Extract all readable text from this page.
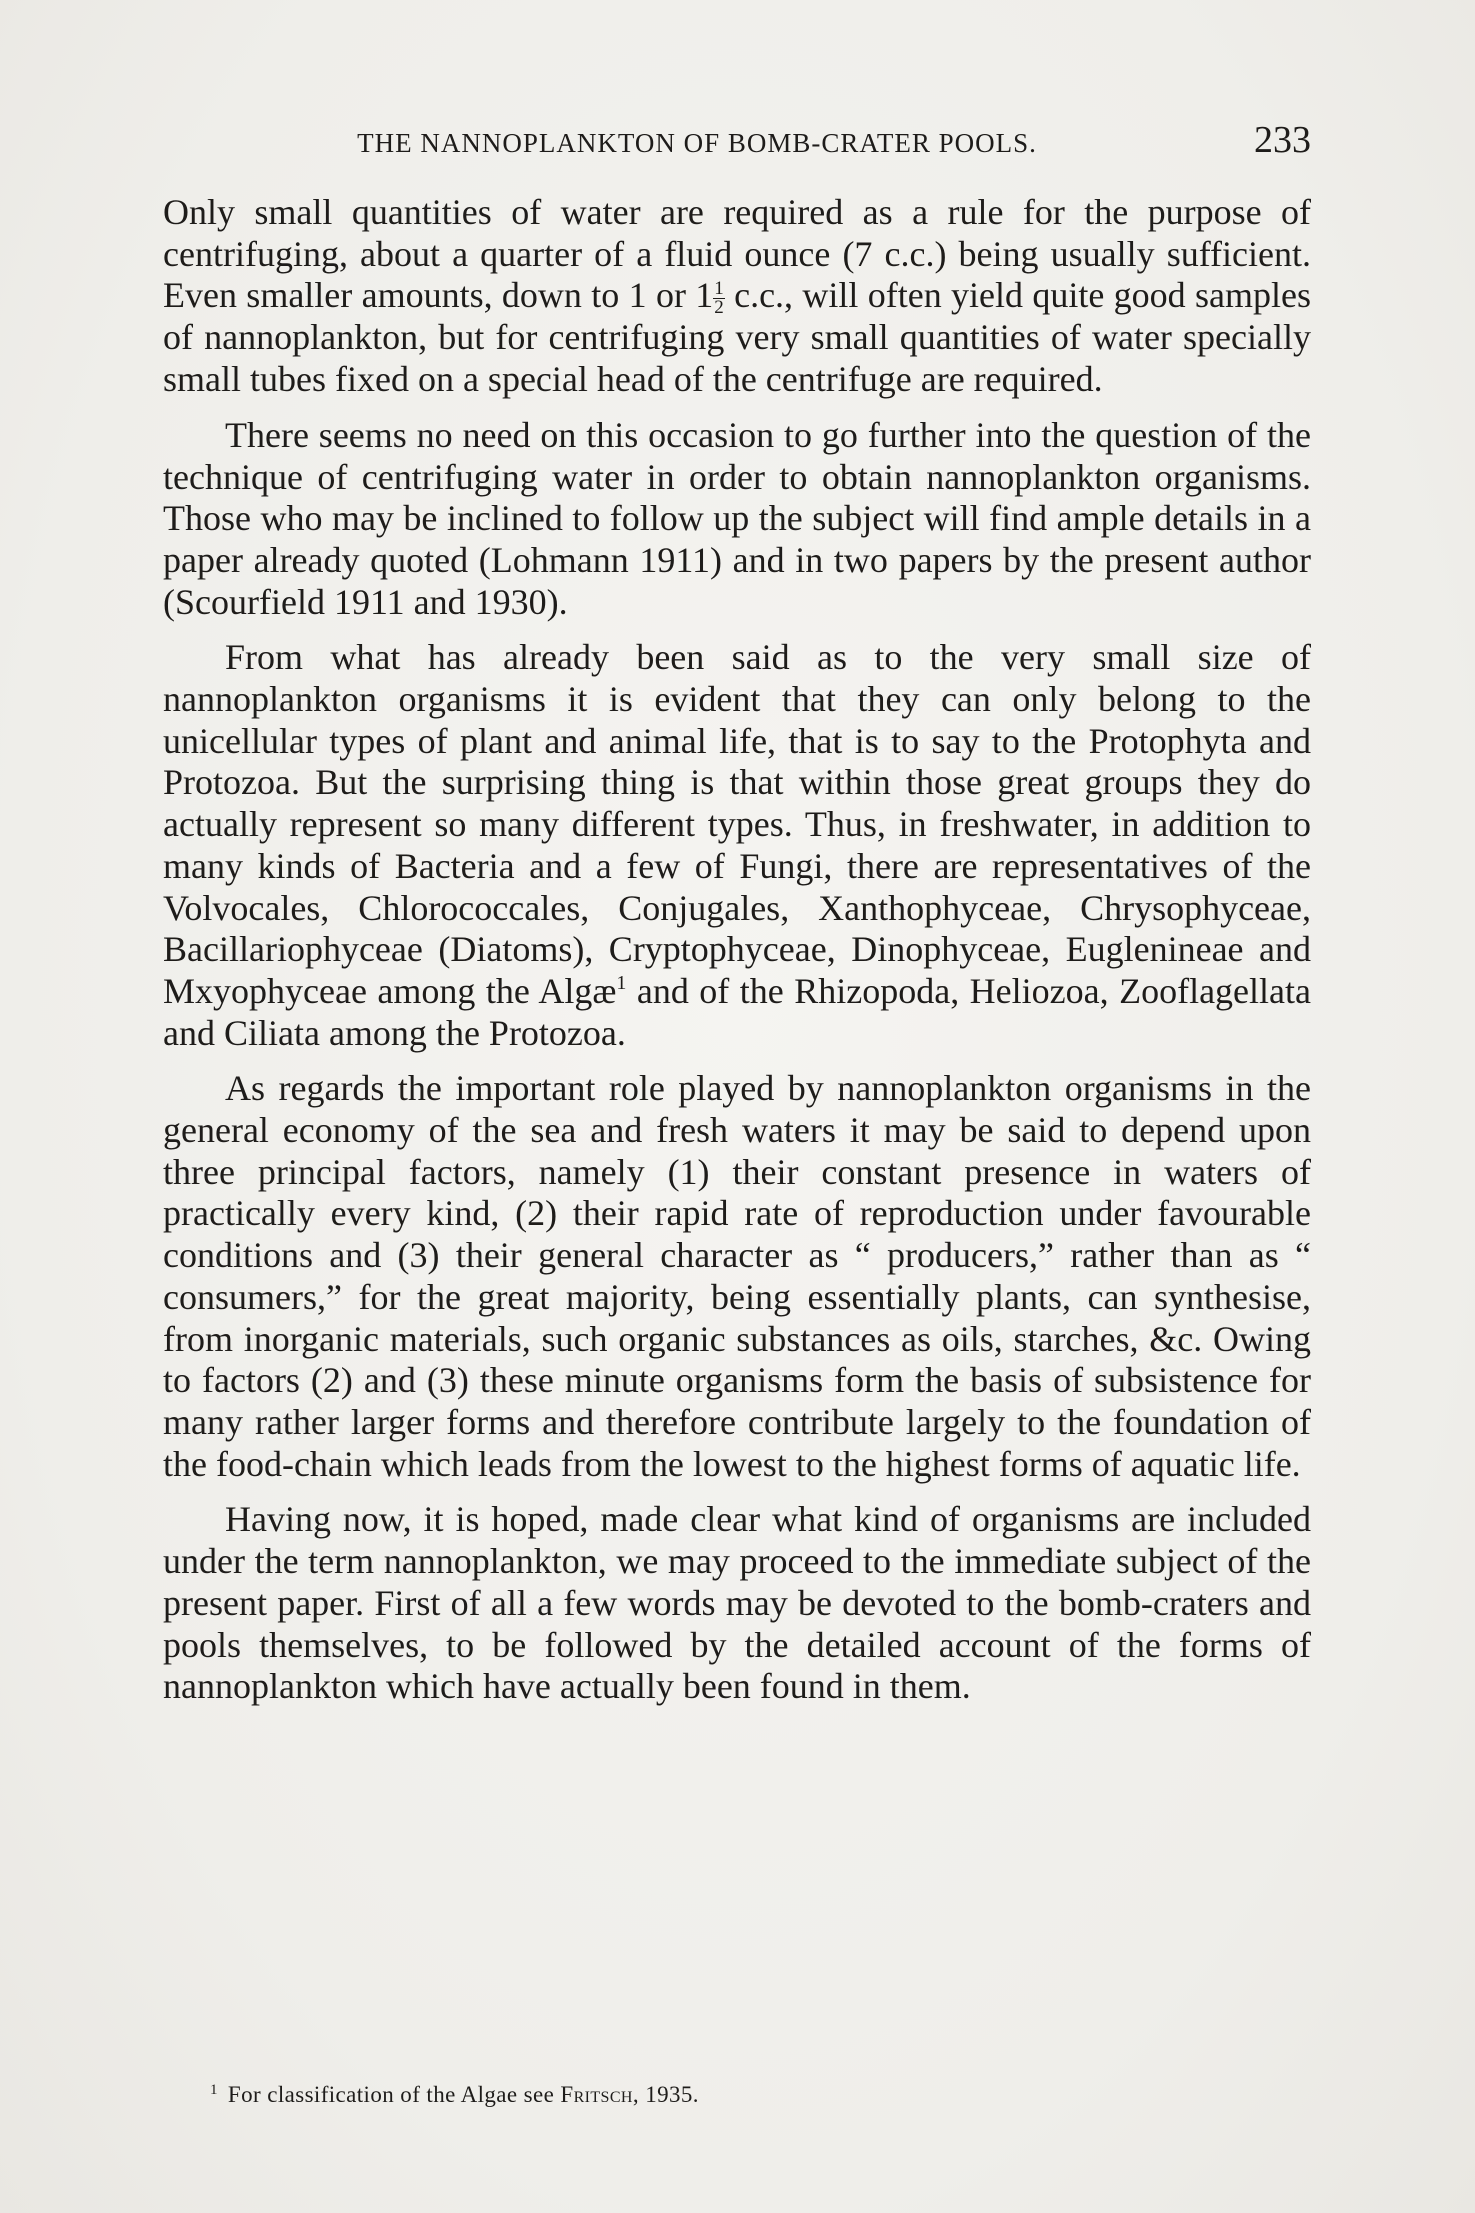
THE NANNOPLANKTON OF BOMB-CRATER POOLS.	233

Only small quantities of water are required as a rule for the purpose of centrifuging, about a quarter of a fluid ounce (7 c.c.) being usually sufficient. Even smaller amounts, down to 1 or $1 \frac{1}{2} c.c$., will often yield quite good samples of nannoplankton, but for centrifuging very small quantities of water specially small tubes fixed on a special head of the centrifuge are required.

There seems no need on this occasion to go further into the question of the technique of centrifuging water in order to obtain nannoplankton organisms. Those who may be inclined to follow up the subject will find ample details in a paper already quoted (Lohmann 1911) and in two papers by the present author (Scourfield 1911 and 1930).

From what has already been said as to the very small size of nannoplankton organisms it is evident that they can only belong to the unicellular types of plant and animal life, that is to say to the Protophyta and Protozoa. But the surprising thing is that within those great groups they do actually represent so many different types. Thus, in freshwater, in addition to many kinds of Bacteria and a few of Fungi, there are representatives of the Volvocales, Chlorococcales, Conjugales, Xanthophyceae, Chrysophyceae, Bacillariophyceae (Diatoms), Cryptophyceae, Dinophyceae, Euglenineae and Mxyophyceae among the Algæ$^1$ and of the Rhizopoda, Heliozoa, Zooflagellata and Ciliata among the Protozoa.

As regards the important role played by nannoplankton organisms in the general economy of the sea and fresh waters it may be said to depend upon three principal factors, namely (1) their constant presence in waters of practically every kind, (2) their rapid rate of reproduction under favourable conditions and (3) their general character as “ producers,” rather than as “ consumers,” for the great majority, being essentially plants, can synthesise, from inorganic materials, such organic substances as oils, starches, &c. Owing to factors (2) and (3) these minute organisms form the basis of subsistence for many rather larger forms and therefore contribute largely to the foundation of the food-chain which leads from the lowest to the highest forms of aquatic life.

Having now, it is hoped, made clear what kind of organisms are included under the term nannoplankton, we may proceed to the immediate subject of the present paper. First of all a few words may be devoted to the bomb-craters and pools themselves, to be followed by the detailed account of the forms of nannoplankton which have actually been found in them.

$^1$ For classification of the Algae see Fritsch, 1935.
